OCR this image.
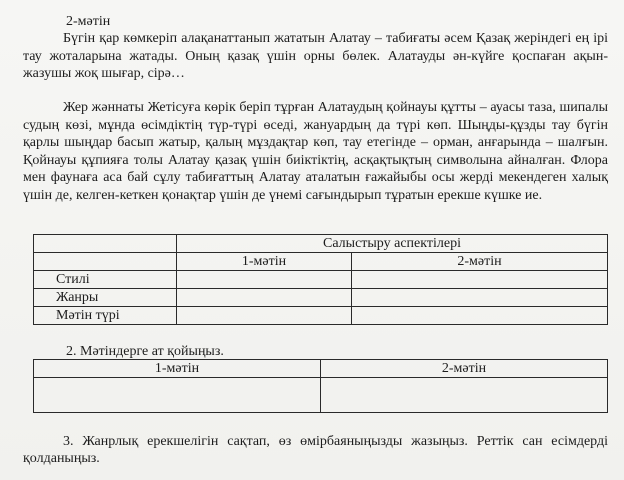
2-мәтін
Бүгін қар көмкеріп алақанаттанып жататын Алатау – табиғаты әсем Қазақ жеріндегі ең ірі тау жоталарына жатады. Оның қазақ үшін орны бөлек. Алатауды ән-күйге қоспаған ақын-жазушы жоқ шығар, сірә…
Жер жәннаты Жетісуға көрік беріп тұрған Алатаудың қойнауы құтты – ауасы таза, шипалы судың көзі, мұнда өсімдіктің түр-түрі өседі, жануардың да түрі көп. Шыңды-құзды тау бүгін қарлы шыңдар басып жатыр, қалың мұздақтар көп, тау етегінде – орман, анғарында – шалғын. Қойнауы құпияға толы Алатау қазақ үшін биіктіктің, асқақтықтың символына айналған. Флора мен фаунаға аса бай сұлу табиғаттың Алатау аталатын ғажайыбы осы жерді мекендеген халық үшін де, келген-кеткен қонақтар үшін де үнемі сағындырып тұратын ерекше күшке ие.
	Салыстыру аспектілері	
	1-мәтін	2-мәтін
Стилі		
Жанры		
Мәтін түрі		
2. Мәтіндерге ат қойыңыз.
1-мәтін	2-мәтін

3. Жанрлық ерекшелігін сақтап, өз өмірбаяныңызды жазыңыз. Реттік сан есімдерді қолданыңыз.
